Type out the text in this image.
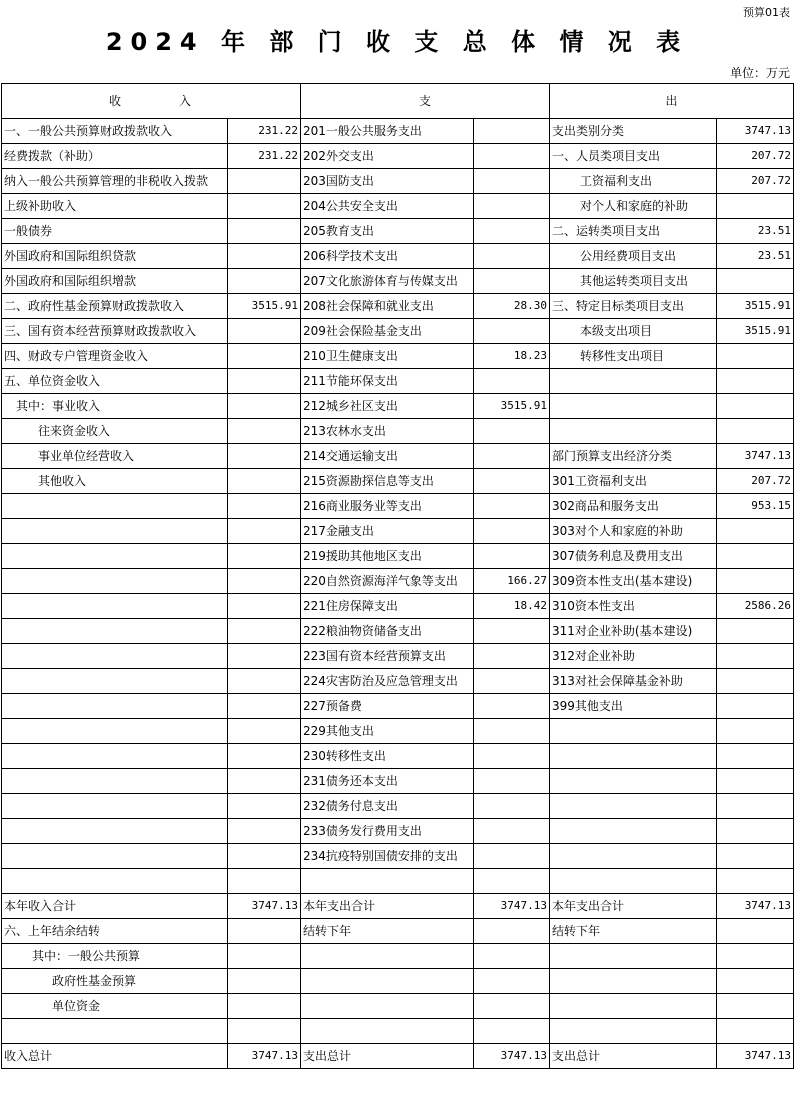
预算01表
2024 年 部 门 收 支 总 体 情 况 表
单位：万元
收　　　　入		支		出	
一、一般公共预算财政拨款收入	231.22	201一般公共服务支出		支出类别分类	3747.13
经费拨款（补助）	231.22	202外交支出		一、人员类项目支出	207.72
纳入一般公共预算管理的非税收入拨款		203国防支出		工资福利支出	207.72
上级补助收入		204公共安全支出		对个人和家庭的补助	
一般债券		205教育支出		二、运转类项目支出	23.51
外国政府和国际组织贷款		206科学技术支出		公用经费项目支出	23.51
外国政府和国际组织增款		207文化旅游体育与传媒支出		其他运转类项目支出	
二、政府性基金预算财政拨款收入	3515.91	208社会保障和就业支出	28.30	三、特定目标类项目支出	3515.91
三、国有资本经营预算财政拨款收入		209社会保险基金支出		本级支出项目	3515.91
四、财政专户管理资金收入		210卫生健康支出	18.23	转移性支出项目	
五、单位资金收入		211节能环保支出			
其中：事业收入		212城乡社区支出	3515.91		
往来资金收入		213农林水支出			
事业单位经营收入		214交通运输支出		部门预算支出经济分类	3747.13
其他收入		215资源勘探信息等支出		301工资福利支出	207.72
		216商业服务业等支出		302商品和服务支出	953.15
		217金融支出		303对个人和家庭的补助	
		219援助其他地区支出		307债务利息及费用支出	
		220自然资源海洋气象等支出	166.27	309资本性支出(基本建设)	
		221住房保障支出	18.42	310资本性支出	2586.26
		222粮油物资储备支出		311对企业补助(基本建设)	
		223国有资本经营预算支出		312对企业补助	
		224灾害防治及应急管理支出		313对社会保障基金补助	
		227预备费		399其他支出	
		229其他支出			
		230转移性支出			
		231债务还本支出			
		232债务付息支出			
		233债务发行费用支出			
		234抗疫特别国债安排的支出			

本年收入合计	3747.13	本年支出合计	3747.13	本年支出合计	3747.13
六、上年结余结转		结转下年		结转下年	
其中：一般公共预算					
政府性基金预算					
单位资金					

收入总计	3747.13	支出总计	3747.13	支出总计	3747.13
